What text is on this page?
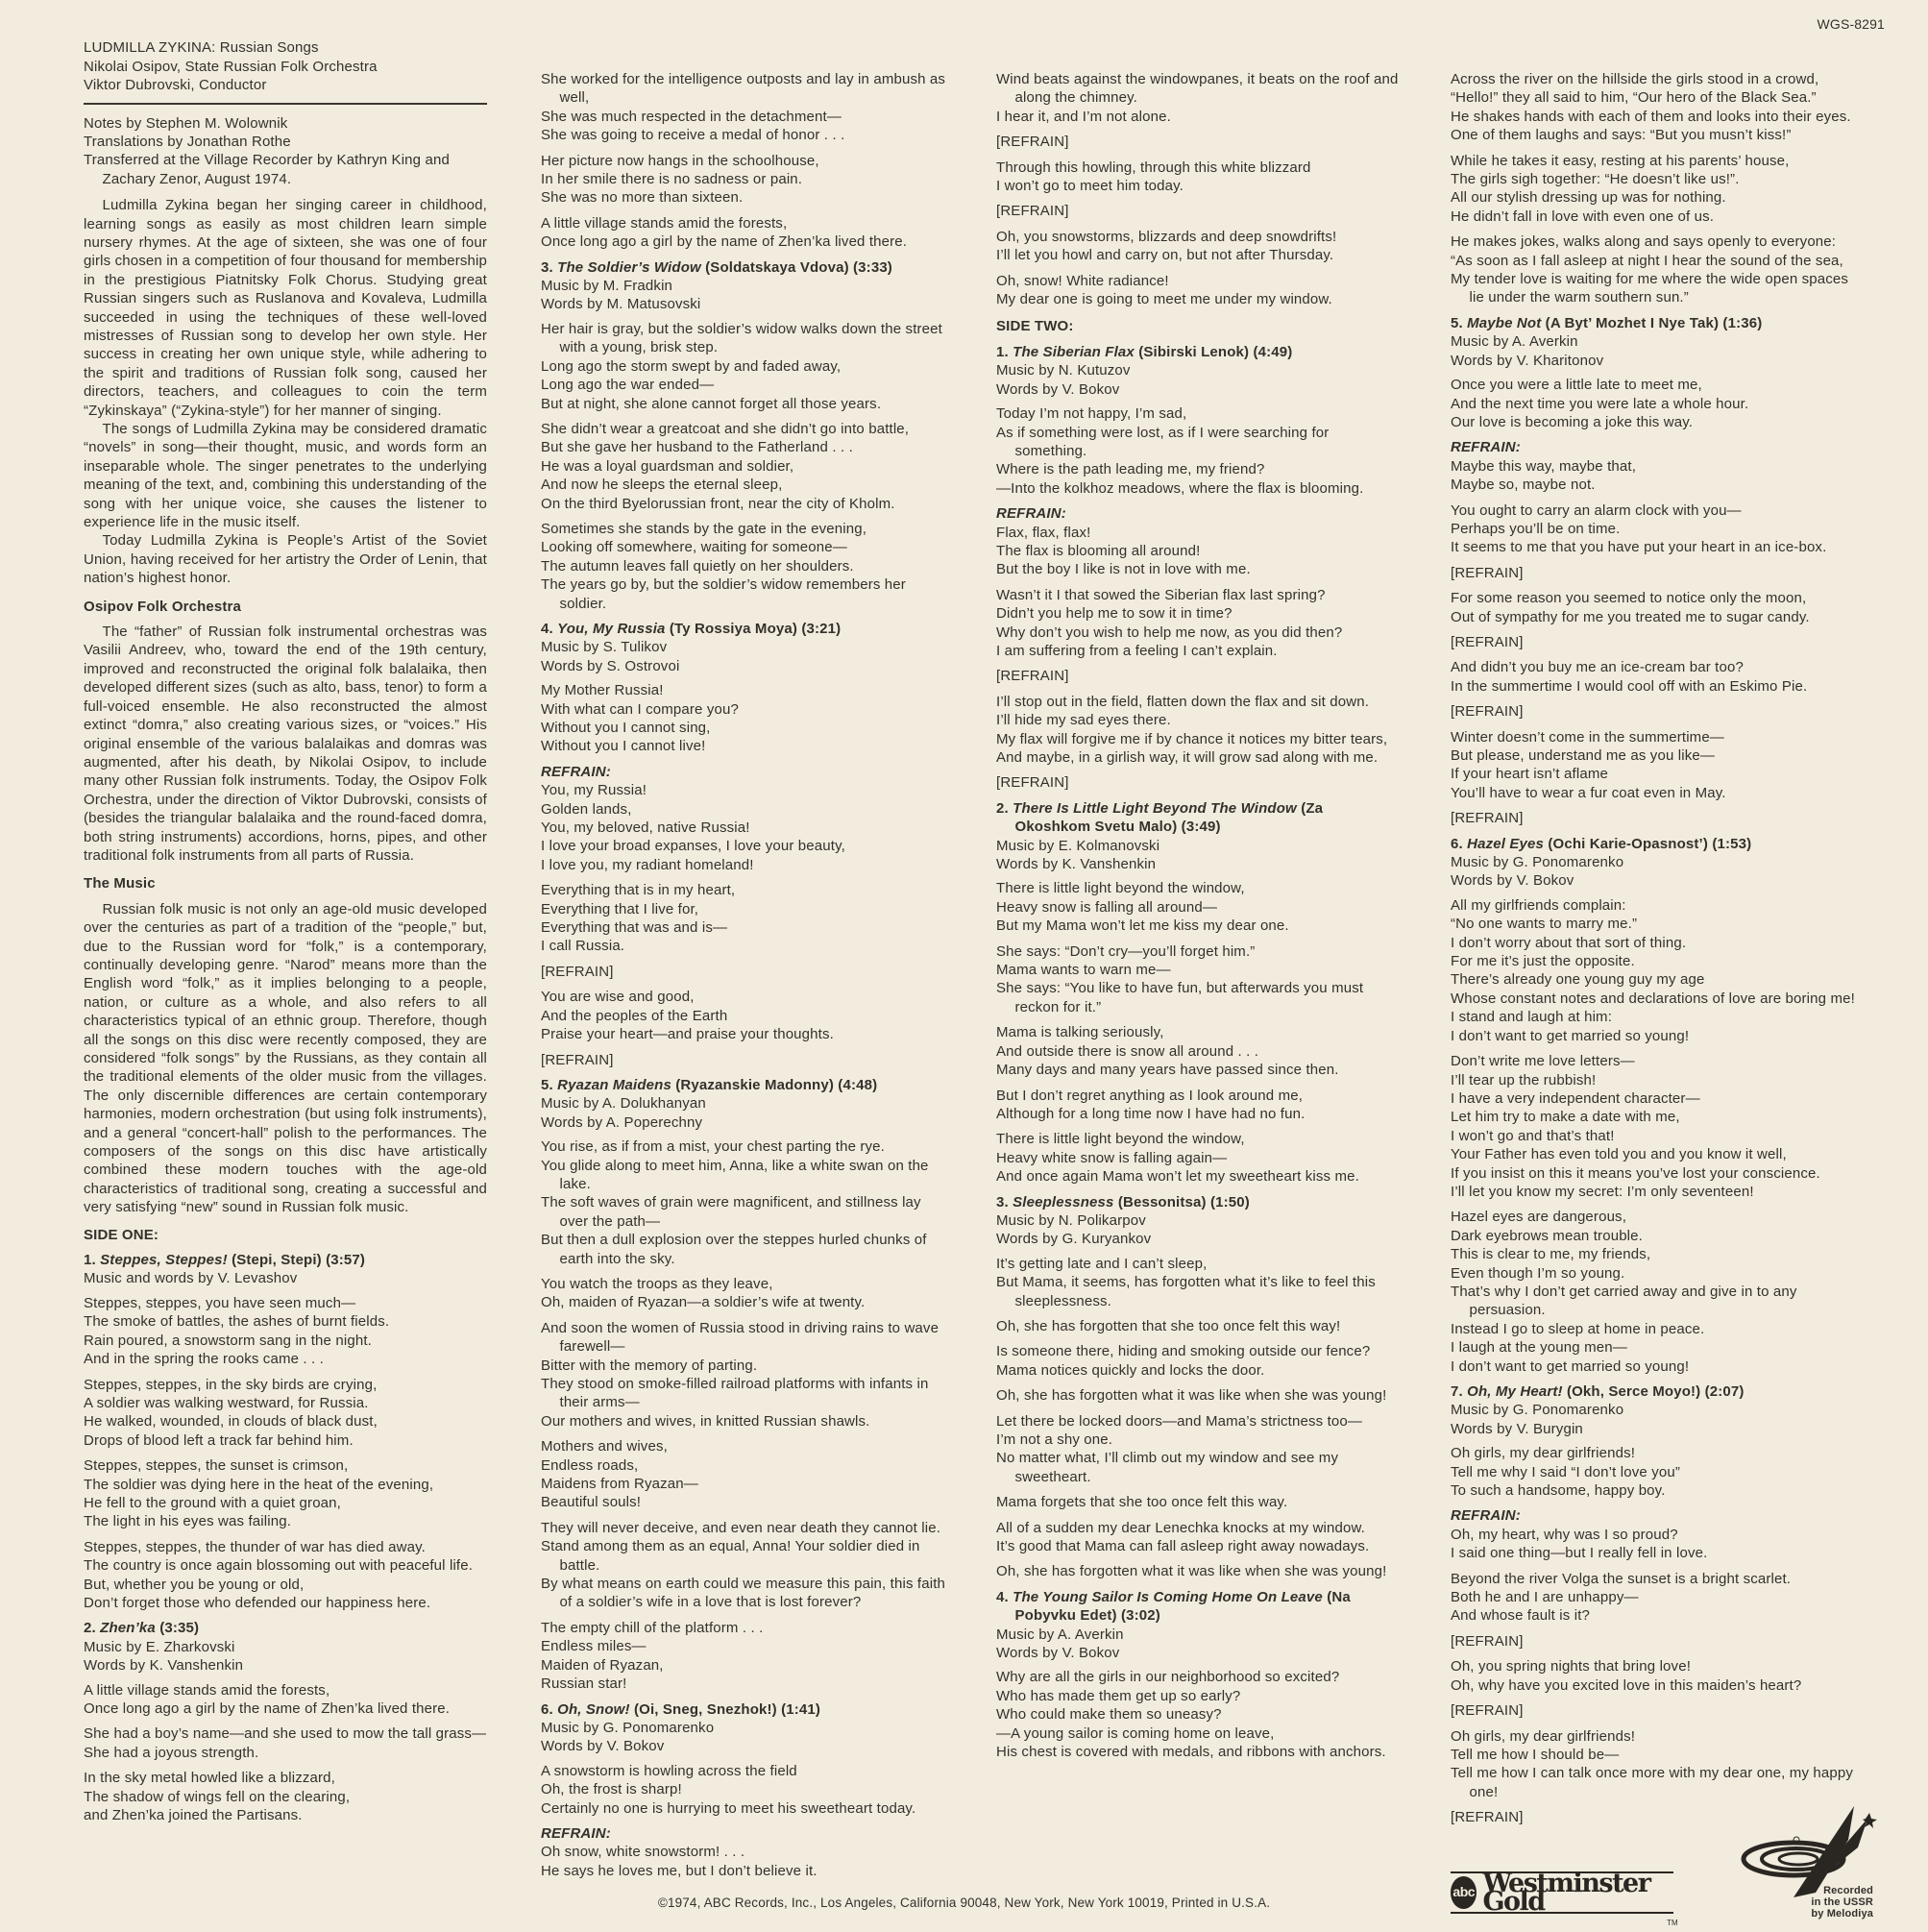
WGS-8291
LUDMILLA ZYKINA: Russian Songs
Nikolai Osipov, State Russian Folk Orchestra
Viktor Dubrovski, Conductor
Notes by Stephen M. Wolownik
Translations by Jonathan Rothe
Transferred at the Village Recorder by Kathryn King and Zachary Zenor, August 1974.

Ludmilla Zykina began her singing career in childhood, learning songs as easily as most children learn simple nursery rhymes. At the age of sixteen, she was one of four girls chosen in a competition of four thousand for membership in the prestigious Piatnitsky Folk Chorus. Studying great Russian singers such as Ruslanova and Kovaleva, Ludmilla succeeded in using the techniques of these well-loved mistresses of Russian song to develop her own style. Her success in creating her own unique style, while adhering to the spirit and traditions of Russian folk song, caused her directors, teachers, and colleagues to coin the term “Zykinskaya” (“Zykina-style”) for her manner of singing.

The songs of Ludmilla Zykina may be considered dramatic “novels” in song—their thought, music, and words form an inseparable whole. The singer penetrates to the underlying meaning of the text, and, combining this understanding of the song with her unique voice, she causes the listener to experience life in the music itself.

Today Ludmilla Zykina is People’s Artist of the Soviet Union, having received for her artistry the Order of Lenin, that nation’s highest honor.

Osipov Folk Orchestra

The “father” of Russian folk instrumental orchestras was Vasilii Andreev, who, toward the end of the 19th century, improved and reconstructed the original folk balalaika, then developed different sizes (such as alto, bass, tenor) to form a full-voiced ensemble. He also reconstructed the almost extinct “domra,” also creating various sizes, or “voices.” His original ensemble of the various balalaikas and domras was augmented, after his death, by Nikolai Osipov, to include many other Russian folk instruments. Today, the Osipov Folk Orchestra, under the direction of Viktor Dubrovski, consists of (besides the triangular balalaika and the round-faced domra, both string instruments) accordions, horns, pipes, and other traditional folk instruments from all parts of Russia.

The Music

Russian folk music is not only an age-old music developed over the centuries as part of a tradition of the “people,” but, due to the Russian word for “folk,” is a contemporary, continually developing genre. “Narod” means more than the English word “folk,” as it implies belonging to a people, nation, or culture as a whole, and also refers to all characteristics typical of an ethnic group. Therefore, though all the songs on this disc were recently composed, they are considered “folk songs” by the Russians, as they contain all the traditional elements of the older music from the villages. The only discernible differences are certain contemporary harmonies, modern orchestration (but using folk instruments), and a general “concert-hall” polish to the performances. The composers of the songs on this disc have artistically combined these modern touches with the age-old characteristics of traditional song, creating a successful and very satisfying “new” sound in Russian folk music.

SIDE ONE:
1. Steppes, Steppes! (Stepi, Stepi) (3:57)
Music and words by V. Levashov
Steppes, steppes, you have seen much—
The smoke of battles, the ashes of burnt fields.
Rain poured, a snowstorm sang in the night.
And in the spring the rooks came . . .
Steppes, steppes, in the sky birds are crying,
A soldier was walking westward, for Russia.
He walked, wounded, in clouds of black dust,
Drops of blood left a track far behind him.
Steppes, steppes, the sunset is crimson,
The soldier was dying here in the heat of the evening,
He fell to the ground with a quiet groan,
The light in his eyes was failing.
Steppes, steppes, the thunder of war has died away.
The country is once again blossoming out with peaceful life.
But, whether you be young or old,
Don’t forget those who defended our happiness here.
2. Zhen’ka (3:35)
Music by E. Zharkovski
Words by K. Vanshenkin
A little village stands amid the forests,
Once long ago a girl by the name of Zhen’ka lived there.
She had a boy’s name—and she used to mow the tall grass—
She had a joyous strength.
In the sky metal howled like a blizzard,
The shadow of wings fell on the clearing,
and Zhen’ka joined the Partisans.
She worked for the intelligence outposts and lay in ambush as well,
She was much respected in the detachment—
She was going to receive a medal of honor . . .
Her picture now hangs in the schoolhouse,
In her smile there is no sadness or pain.
She was no more than sixteen.
A little village stands amid the forests,
Once long ago a girl by the name of Zhen’ka lived there.
3. The Soldier’s Widow (Soldatskaya Vdova) (3:33)
Music by M. Fradkin
Words by M. Matusovski
Her hair is gray, but the soldier’s widow walks down the street with a young, brisk step.
Long ago the storm swept by and faded away,
Long ago the war ended—
But at night, she alone cannot forget all those years.
She didn’t wear a greatcoat and she didn’t go into battle,
But she gave her husband to the Fatherland . . .
He was a loyal guardsman and soldier,
And now he sleeps the eternal sleep,
On the third Byelorussian front, near the city of Kholm.
Sometimes she stands by the gate in the evening,
Looking off somewhere, waiting for someone—
The autumn leaves fall quietly on her shoulders.
The years go by, but the soldier’s widow remembers her soldier.
4. You, My Russia (Ty Rossiya Moya) (3:21)
Music by S. Tulikov
Words by S. Ostrovoi
My Mother Russia!
With what can I compare you?
Without you I cannot sing,
Without you I cannot live!
REFRAIN:
You, my Russia!
Golden lands,
You, my beloved, native Russia!
I love your broad expanses, I love your beauty,
I love you, my radiant homeland!
Everything that is in my heart,
Everything that I live for,
Everything that was and is—
I call Russia.
[REFRAIN]
You are wise and good,
And the peoples of the Earth
Praise your heart—and praise your thoughts.
[REFRAIN]
5. Ryazan Maidens (Ryazanskie Madonny) (4:48)
Music by A. Dolukhanyan
Words by A. Poperechny
You rise, as if from a mist, your chest parting the rye.
You glide along to meet him, Anna, like a white swan on the lake.
The soft waves of grain were magnificent, and stillness lay over the path—
But then a dull explosion over the steppes hurled chunks of earth into the sky.
You watch the troops as they leave,
Oh, maiden of Ryazan—a soldier’s wife at twenty.
And soon the women of Russia stood in driving rains to wave farewell—
Bitter with the memory of parting.
They stood on smoke-filled railroad platforms with infants in their arms—
Our mothers and wives, in knitted Russian shawls.
Mothers and wives,
Endless roads,
Maidens from Ryazan—
Beautiful souls!
They will never deceive, and even near death they cannot lie.
Stand among them as an equal, Anna! Your soldier died in battle.
By what means on earth could we measure this pain, this faith of a soldier’s wife in a love that is lost forever?
The empty chill of the platform . . .
Endless miles—
Maiden of Ryazan,
Russian star!
6. Oh, Snow! (Oi, Sneg, Snezhok!) (1:41)
Music by G. Ponomarenko
Words by V. Bokov
A snowstorm is howling across the field
Oh, the frost is sharp!
Certainly no one is hurrying to meet his sweetheart today.
REFRAIN:
Oh snow, white snowstorm! . . .
He says he loves me, but I don’t believe it.
Wind beats against the windowpanes, it beats on the roof and along the chimney.
I hear it, and I’m not alone.
[REFRAIN]
Through this howling, through this white blizzard
I won’t go to meet him today.
[REFRAIN]
Oh, you snowstorms, blizzards and deep snowdrifts!
I’ll let you howl and carry on, but not after Thursday.
Oh, snow! White radiance!
My dear one is going to meet me under my window.
SIDE TWO:
1. The Siberian Flax (Sibirski Lenok) (4:49)
Music by N. Kutuzov
Words by V. Bokov
Today I’m not happy, I’m sad,
As if something were lost, as if I were searching for something.
Where is the path leading me, my friend?
—Into the kolkhoz meadows, where the flax is blooming.
REFRAIN:
Flax, flax, flax!
The flax is blooming all around!
But the boy I like is not in love with me.
Wasn’t it I that sowed the Siberian flax last spring?
Didn’t you help me to sow it in time?
Why don’t you wish to help me now, as you did then?
I am suffering from a feeling I can’t explain.
[REFRAIN]
I’ll stop out in the field, flatten down the flax and sit down.
I’ll hide my sad eyes there.
My flax will forgive me if by chance it notices my bitter tears,
And maybe, in a girlish way, it will grow sad along with me.
[REFRAIN]
2. There Is Little Light Beyond The Window (Za Okoshkom Svetu Malo) (3:49)
Music by E. Kolmanovski
Words by K. Vanshenkin
There is little light beyond the window,
Heavy snow is falling all around—
But my Mama won’t let me kiss my dear one.
She says: “Don’t cry—you’ll forget him.”
Mama wants to warn me—
She says: “You like to have fun, but afterwards you must reckon for it.”
Mama is talking seriously,
And outside there is snow all around . . .
Many days and many years have passed since then.
But I don’t regret anything as I look around me,
Although for a long time now I have had no fun.
There is little light beyond the window,
Heavy white snow is falling again—
And once again Mama won’t let my sweetheart kiss me.
3. Sleeplessness (Bessonitsa) (1:50)
Music by N. Polikarpov
Words by G. Kuryankov
It’s getting late and I can’t sleep,
But Mama, it seems, has forgotten what it’s like to feel this sleeplessness.
Oh, she has forgotten that she too once felt this way!
Is someone there, hiding and smoking outside our fence?
Mama notices quickly and locks the door.
Oh, she has forgotten what it was like when she was young!
Let there be locked doors—and Mama’s strictness too—
I’m not a shy one.
No matter what, I’ll climb out my window and see my sweetheart.
Mama forgets that she too once felt this way.
All of a sudden my dear Lenechka knocks at my window.
It’s good that Mama can fall asleep right away nowadays.
Oh, she has forgotten what it was like when she was young!
4. The Young Sailor Is Coming Home On Leave (Na Pobyvku Edet) (3:02)
Music by A. Averkin
Words by V. Bokov
Why are all the girls in our neighborhood so excited?
Who has made them get up so early?
Who could make them so uneasy?
—A young sailor is coming home on leave,
His chest is covered with medals, and ribbons with anchors.
Across the river on the hillside the girls stood in a crowd,
“Hello!” they all said to him, “Our hero of the Black Sea.”
He shakes hands with each of them and looks into their eyes.
One of them laughs and says: “But you musn’t kiss!”
While he takes it easy, resting at his parents’ house,
The girls sigh together: “He doesn’t like us!”.
All our stylish dressing up was for nothing.
He didn’t fall in love with even one of us.
He makes jokes, walks along and says openly to everyone:
“As soon as I fall asleep at night I hear the sound of the sea,
My tender love is waiting for me where the wide open spaces lie under the warm southern sun.”
5. Maybe Not (A Byt’ Mozhet I Nye Tak) (1:36)
Music by A. Averkin
Words by V. Kharitonov
Once you were a little late to meet me,
And the next time you were late a whole hour.
Our love is becoming a joke this way.
REFRAIN:
Maybe this way, maybe that,
Maybe so, maybe not.
You ought to carry an alarm clock with you—
Perhaps you’ll be on time.
It seems to me that you have put your heart in an ice-box.
[REFRAIN]
For some reason you seemed to notice only the moon,
Out of sympathy for me you treated me to sugar candy.
[REFRAIN]
And didn’t you buy me an ice-cream bar too?
In the summertime I would cool off with an Eskimo Pie.
[REFRAIN]
Winter doesn’t come in the summertime—
But please, understand me as you like—
If your heart isn’t aflame
You’ll have to wear a fur coat even in May.
[REFRAIN]
6. Hazel Eyes (Ochi Karie-Opasnost’) (1:53)
Music by G. Ponomarenko
Words by V. Bokov
All my girlfriends complain:
“No one wants to marry me.”
I don’t worry about that sort of thing.
For me it’s just the opposite.
There’s already one young guy my age
Whose constant notes and declarations of love are boring me!
I stand and laugh at him:
I don’t want to get married so young!
Don’t write me love letters—
I’ll tear up the rubbish!
I have a very independent character—
Let him try to make a date with me,
I won’t go and that’s that!
Your Father has even told you and you know it well,
If you insist on this it means you’ve lost your conscience.
I’ll let you know my secret: I’m only seventeen!
Hazel eyes are dangerous,
Dark eyebrows mean trouble.
This is clear to me, my friends,
Even though I’m so young.
That’s why I don’t get carried away and give in to any persuasion.
Instead I go to sleep at home in peace.
I laugh at the young men—
I don’t want to get married so young!
7. Oh, My Heart! (Okh, Serce Moyo!) (2:07)
Music by G. Ponomarenko
Words by V. Burygin
Oh girls, my dear girlfriends!
Tell me why I said “I don’t love you”
To such a handsome, happy boy.
REFRAIN:
Oh, my heart, why was I so proud?
I said one thing—but I really fell in love.
Beyond the river Volga the sunset is a bright scarlet.
Both he and I are unhappy—
And whose fault is it?
[REFRAIN]
Oh, you spring nights that bring love!
Oh, why have you excited love in this maiden’s heart?
[REFRAIN]
Oh girls, my dear girlfriends!
Tell me how I should be—
Tell me how I can talk once more with my dear one, my happy one!
[REFRAIN]
abc Westminster Gold
TM
Recorded
in the USSR
by Melodiya
©1974, ABC Records, Inc., Los Angeles, California 90048, New York, New York 10019, Printed in U.S.A.
